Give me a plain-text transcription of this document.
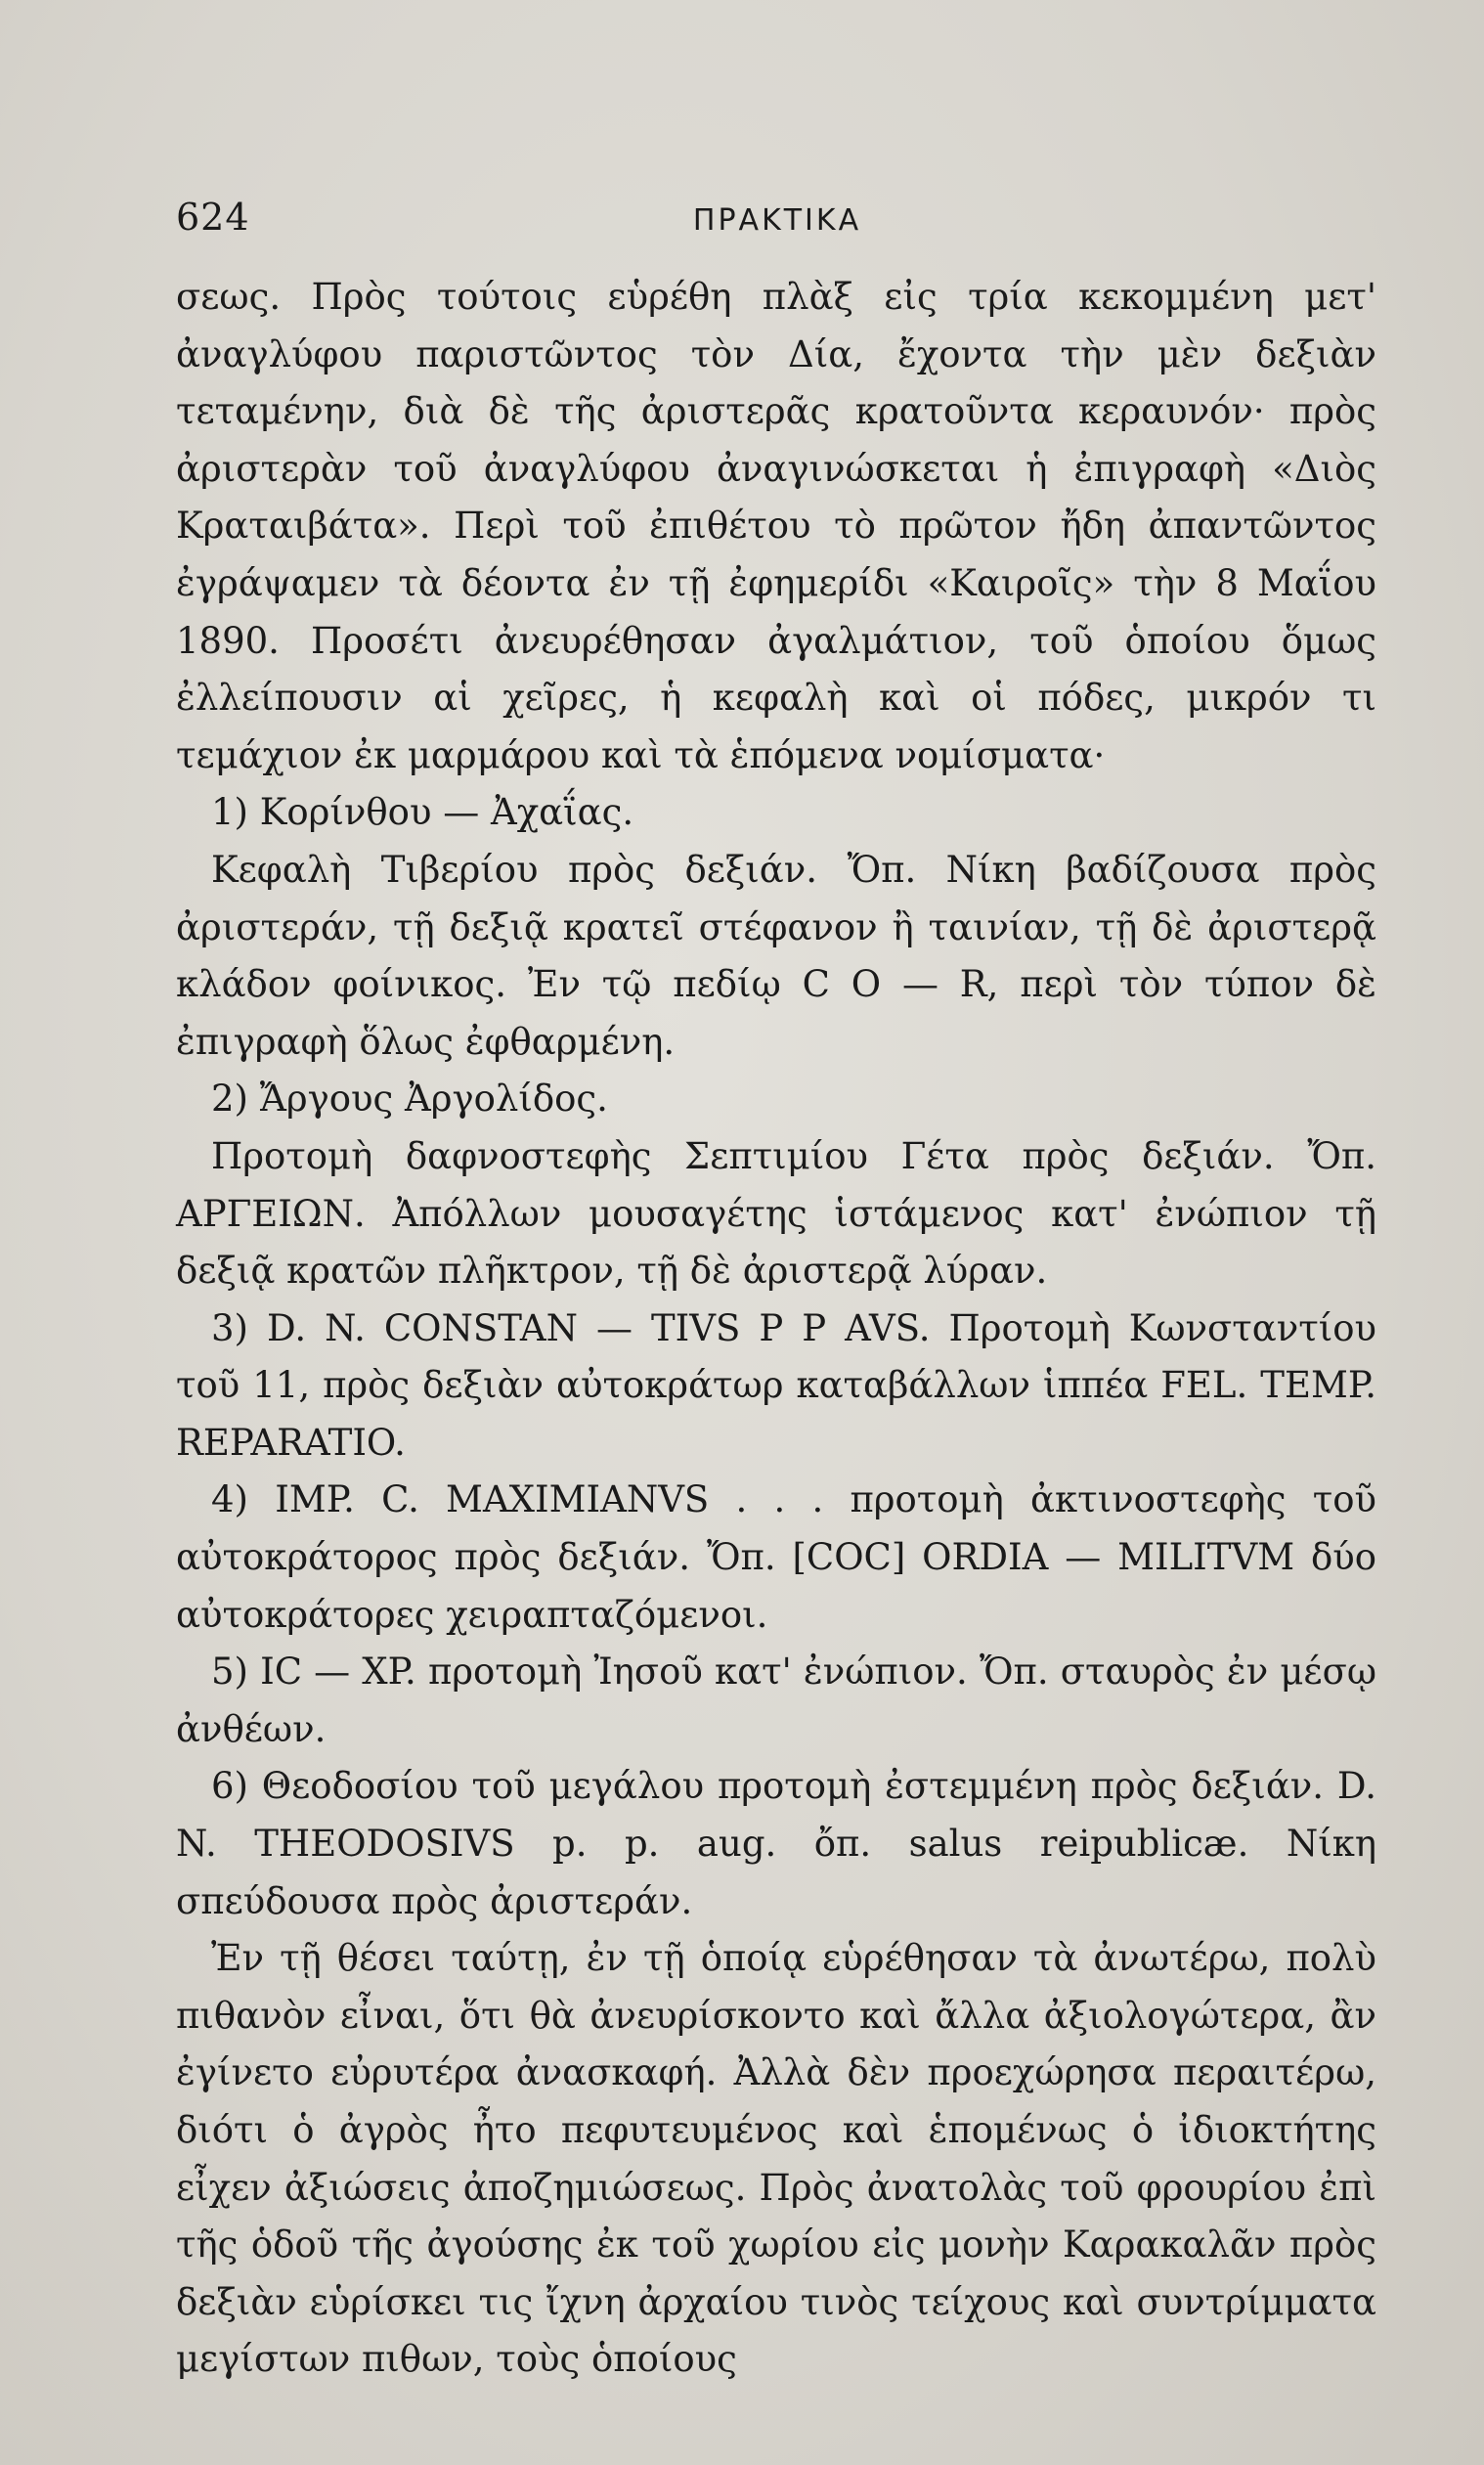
624	ΠΡΑΚΤΙΚΑ

σεως. Πρὸς τούτοις εὑρέθη πλὰξ εἰς τρία κεκομμένη μετ' ἀναγλύφου παριστῶντος τὸν Δία, ἔχοντα τὴν μὲν δεξιὰν τεταμένην, διὰ δὲ τῆς ἀριστερᾶς κρατοῦντα κεραυνόν· πρὸς ἀριστερὰν τοῦ ἀναγλύφου ἀναγινώσκεται ἡ ἐπιγραφὴ «Διὸς Κραταιβάτα». Περὶ τοῦ ἐπιθέτου τὸ πρῶτον ἤδη ἀπαντῶντος ἐγράψαμεν τὰ δέοντα ἐν τῇ ἐφημερίδι «Καιροῖς» τὴν 8 Μαΐου 1890. Προσέτι ἀνευρέθησαν ἀγαλμάτιον, τοῦ ὁποίου ὅμως ἐλλείπουσιν αἱ χεῖρες, ἡ κεφαλὴ καὶ οἱ πόδες, μικρόν τι τεμάχιον ἐκ μαρμάρου καὶ τὰ ἑπόμενα νομίσματα·

1) Κορίνθου — Ἀχαΐας.

Κεφαλὴ Τιβερίου πρὸς δεξιάν. Ὄπ. Νίκη βαδίζουσα πρὸς ἀριστεράν, τῇ δεξιᾷ κρατεῖ στέφανον ἢ ταινίαν, τῇ δὲ ἀριστερᾷ κλάδον φοίνικος. Ἐν τῷ πεδίῳ C O — R, περὶ τὸν τύπον δὲ ἐπιγραφὴ ὅλως ἐφθαρμένη.

2) Ἄργους Ἀργολίδος.

Προτομὴ δαφνοστεφὴς Σεπτιμίου Γέτα πρὸς δεξιάν. Ὄπ. ΑΡΓΕΙΩΝ. Ἀπόλλων μουσαγέτης ἱστάμενος κατ' ἐνώπιον τῇ δεξιᾷ κρατῶν πλῆκτρον, τῇ δὲ ἀριστερᾷ λύραν.

3) D. N. CONSTAN — TIVS P P AVS. Προτομὴ Κωνσταντίου τοῦ 11, πρὸς δεξιὰν αὐτοκράτωρ καταβάλλων ἱππέα FEL. TEMP. REPARATIO.

4) IMP. C. MAXIMIANVS . . . προτομὴ ἀκτινοστεφὴς τοῦ αὐτοκράτορος πρὸς δεξιάν. Ὄπ. [COC] ORDIA — MILITVM δύο αὐτοκράτορες χειραπταζόμενοι.

5) IC — XP. προτομὴ Ἰησοῦ κατ' ἐνώπιον. Ὄπ. σταυρὸς ἐν μέσῳ ἀνθέων.

6) Θεοδοσίου τοῦ μεγάλου προτομὴ ἐστεμμένη πρὸς δεξιάν. D. N. THEODOSIVS p. p. aug. ὄπ. salus reipublicæ. Νίκη σπεύδουσα πρὸς ἀριστεράν.

Ἐν τῇ θέσει ταύτῃ, ἐν τῇ ὁποίᾳ εὑρέθησαν τὰ ἀνωτέρω, πολὺ πιθανὸν εἶναι, ὅτι θὰ ἀνευρίσκοντο καὶ ἄλλα ἀξιολογώτερα, ἂν ἐγίνετο εὐρυτέρα ἀνασκαφή. Ἀλλὰ δὲν προεχώρησα περαιτέρω, διότι ὁ ἀγρὸς ἦτο πεφυτευμένος καὶ ἑπομένως ὁ ἰδιοκτήτης εἶχεν ἀξιώσεις ἀποζημιώσεως. Πρὸς ἀνατολὰς τοῦ φρουρίου ἐπὶ τῆς ὁδοῦ τῆς ἀγούσης ἐκ τοῦ χωρίου εἰς μονὴν Καρακαλᾶν πρὸς δεξιὰν εὑρίσκει τις ἴχνη ἀρχαίου τινὸς τείχους καὶ συντρίμματα μεγίστων πιθων, τοὺς ὁποίους
